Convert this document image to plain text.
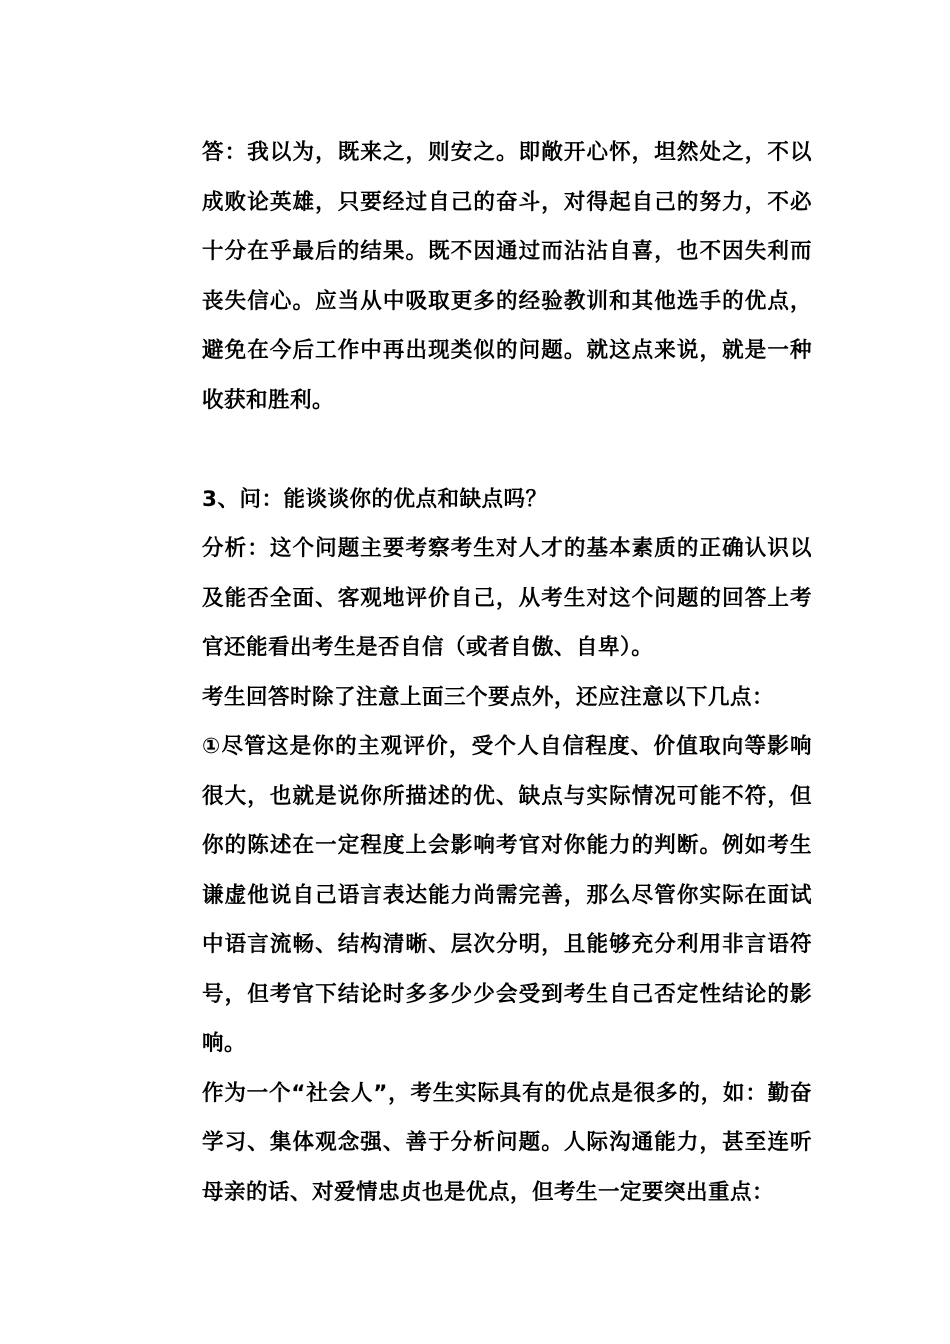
答：我以为，既来之，则安之。即敞开心怀，坦然处之，不以成败论英雄，只要经过自己的奋斗，对得起自己的努力，不必十分在乎最后的结果。既不因通过而沾沾自喜，也不因失利而丧失信心。应当从中吸取更多的经验教训和其他选手的优点，避免在今后工作中再出现类似的问题。就这点来说，就是一种收获和胜利。

3、问：能谈谈你的优点和缺点吗？

分析：这个问题主要考察考生对人才的基本素质的正确认识以及能否全面、客观地评价自己，从考生对这个问题的回答上考官还能看出考生是否自信（或者自傲、自卑）。

考生回答时除了注意上面三个要点外，还应注意以下几点：

①尽管这是你的主观评价，受个人自信程度、价值取向等影响很大，也就是说你所描述的优、缺点与实际情况可能不符，但你的陈述在一定程度上会影响考官对你能力的判断。例如考生谦虚他说自己语言表达能力尚需完善，那么尽管你实际在面试中语言流畅、结构清晰、层次分明，且能够充分利用非言语符号，但考官下结论时多多少少会受到考生自己否定性结论的影响。

作为一个“社会人”，考生实际具有的优点是很多的，如：勤奋学习、集体观念强、善于分析问题。人际沟通能力，甚至连听母亲的话、对爱情忠贞也是优点，但考生一定要突出重点：
